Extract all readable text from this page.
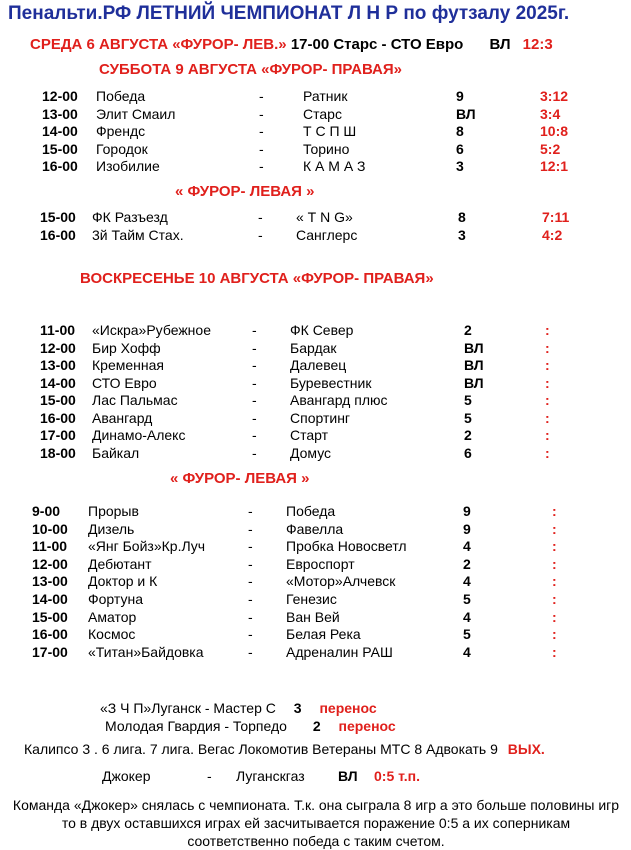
Пенальти.РФ ЛЕТНИЙ ЧЕМПИОНАТ Л Н Р по футзалу 2025г.
СРЕДА 6 АВГУСТА «ФУРОР- ЛЕВ.» 17-00 Старс - СТО Евро ВЛ 12:3
СУББОТА 9 АВГУСТА «ФУРОР- ПРАВАЯ»
12-00 Победа	-	Ратник	9	3:12
13-00 Элит Смаил	-	Старс	ВЛ	3:4
14-00 Френдс	-	Т С П Ш	8	10:8
15-00 Городок	-	Торино	6	5:2
16-00 Изобилие	-	К А М А З	3	12:1
« ФУРОР- ЛЕВАЯ »
15-00 ФК Разъезд	- « Т N G»	8	7:11
16-00 3й Тайм Стах.	- Санглерс	3	4:2
ВОСКРЕСЕНЬЕ 10 АВГУСТА «ФУРОР- ПРАВАЯ»
11-00 «Искра»Рубежное	- ФК Север	2	:
12-00 Бир Хофф	- Бардак	ВЛ	:
13-00 Кременная	- Далевец	ВЛ	:
14-00 СТО Евро	- Буревестник	ВЛ	:
15-00 Лас Пальмас	- Авангард плюс	5	:
16-00 Авангард	- Спортинг	5	:
17-00 Динамо-Алекс	- Старт	2	:
18-00 Байкал	- Домус	6	:
« ФУРОР- ЛЕВАЯ »
9-00 Прорыв	- Победа	9	:
10-00 Дизель	- Фавелла	9	:
11-00 «Янг Бойз»Кр.Луч	- Пробка Новосветл	4	:
12-00 Дебютант	- Евроспорт	2	:
13-00 Доктор и К	- «Мотор»Алчевск	4	:
14-00 Фортуна	- Генезис	5	:
15-00 Аматор	- Ван Вей	4	:
16-00 Космос	- Белая Река	5	:
17-00 «Титан»Байдовка	- Адреналин РАШ	4	:
«З Ч П»Луганск - Мастер С 3 перенос
Молодая Гвардия - Торпедо 2 перенос
Калипсо 3 . 6 лига. 7 лига. Вегас Локомотив Ветераны МТС 8 Адвокать 9 ВЫХ.
Джокер	- Луганскгаз ВЛ 0:5 т.п.
Команда «Джокер» снялась с чемпионата. Т.к. она сыграла 8 игр а это больше половины игр то в двух оставшихся играх ей засчитывается поражение 0:5 а их соперникам соответственно победа с таким счетом.
